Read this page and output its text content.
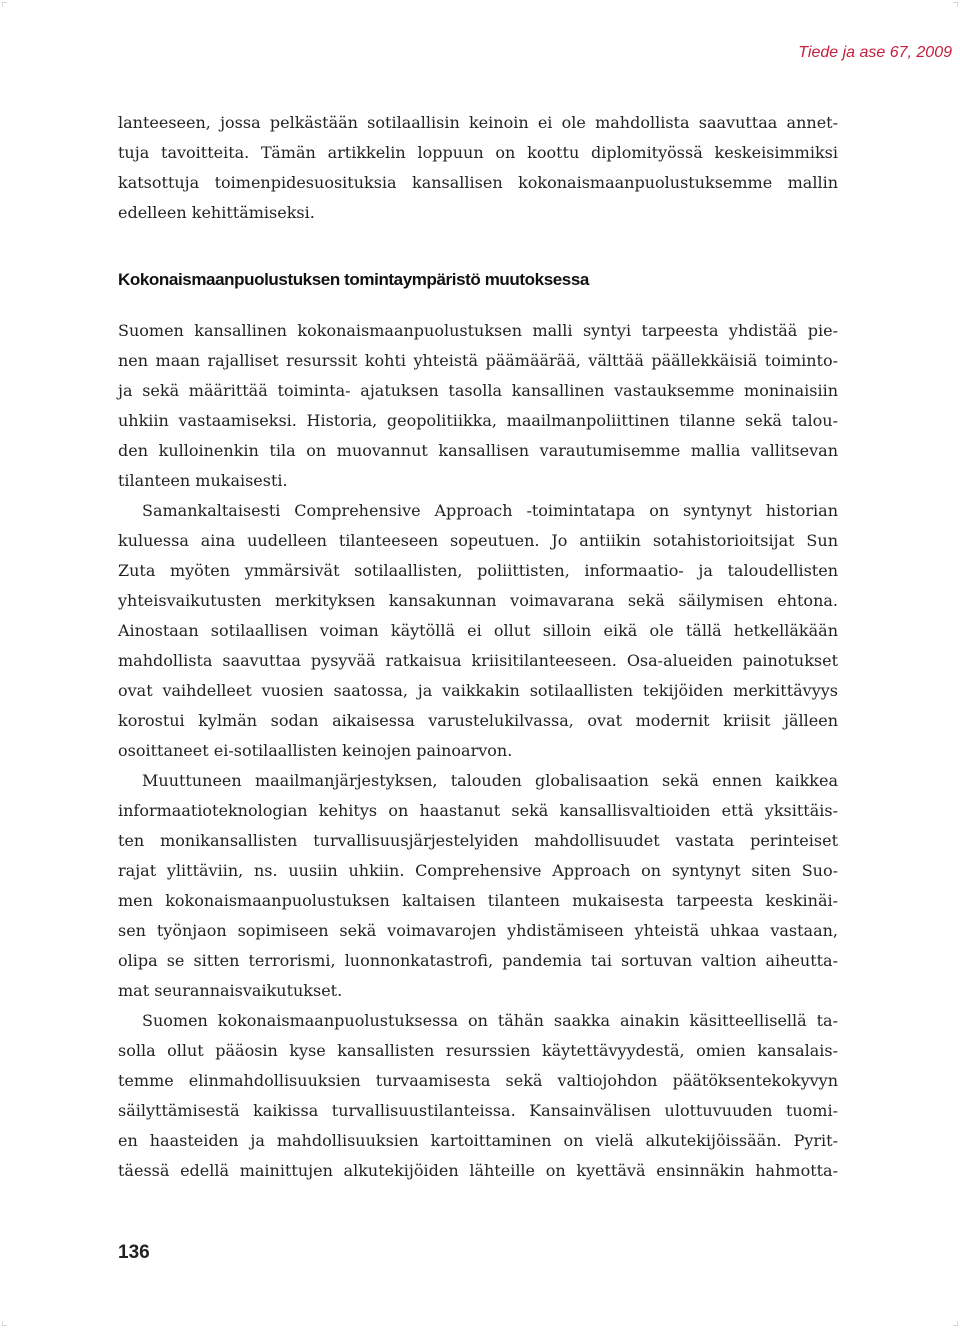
Tiede ja ase 67, 2009
lanteeseen, jossa pelkästään sotilaallisin keinoin ei ole mahdollista saavuttaa annet-
tuja tavoitteita. Tämän artikkelin loppuun on koottu diplomityössä keskeisimmiksi
katsottuja toimenpidesuosituksia kansallisen kokonaismaanpuolustuksemme mallin
edelleen kehittämiseksi.
Kokonaismaanpuolustuksen tomintaympäristö muutoksessa
Suomen kansallinen kokonaismaanpuolustuksen malli syntyi tarpeesta yhdistää pie-
nen maan rajalliset resurssit kohti yhteistä päämäärää, välttää päällekkäisiä toiminto-
ja sekä määrittää toiminta- ajatuksen tasolla kansallinen vastauksemme moninaisiin
uhkiin vastaamiseksi. Historia, geopolitiikka, maailmanpoliittinen tilanne sekä talou-
den kulloinenkin tila on muovannut kansallisen varautumisemme mallia vallitsevan
tilanteen mukaisesti.
Samankaltaisesti Comprehensive Approach -toimintatapa on syntynyt historian
kuluessa aina uudelleen tilanteeseen sopeutuen. Jo antiikin sotahistorioitsijat Sun
Zuta myöten ymmärsivät sotilaallisten, poliittisten, informaatio- ja taloudellisten
yhteisvaikutusten merkityksen kansakunnan voimavarana sekä säilymisen ehtona.
Ainostaan sotilaallisen voiman käytöllä ei ollut silloin eikä ole tällä hetkelläkään
mahdollista saavuttaa pysyvää ratkaisua kriisitilanteeseen. Osa-alueiden painotukset
ovat vaihdelleet vuosien saatossa, ja vaikkakin sotilaallisten tekijöiden merkittävyys
korostui kylmän sodan aikaisessa varustelukilvassa, ovat modernit kriisit jälleen
osoittaneet ei-sotilaallisten keinojen painoarvon.
Muuttuneen maailmanjärjestyksen, talouden globalisaation sekä ennen kaikkea
informaatioteknologian kehitys on haastanut sekä kansallisvaltioiden että yksittäis-
ten monikansallisten turvallisuusjärjestelyiden mahdollisuudet vastata perinteiset
rajat ylittäviin, ns. uusiin uhkiin. Comprehensive Approach on syntynyt siten Suo-
men kokonaismaanpuolustuksen kaltaisen tilanteen mukaisesta tarpeesta keskinäi-
sen työnjaon sopimiseen sekä voimavarojen yhdistämiseen yhteistä uhkaa vastaan,
olipa se sitten terrorismi, luonnonkatastrofi, pandemia tai sortuvan valtion aiheutta-
mat seurannaisvaikutukset.
Suomen kokonaismaanpuolustuksessa on tähän saakka ainakin käsitteellisellä ta-
solla ollut pääosin kyse kansallisten resurssien käytettävyydestä, omien kansalais-
temme elinmahdollisuuksien turvaamisesta sekä valtiojohdon päätöksentekokyvyn
säilyttämisestä kaikissa turvallisuustilanteissa. Kansainvälisen ulottuvuuden tuomi-
en haasteiden ja mahdollisuuksien kartoittaminen on vielä alkutekijöissään. Pyrit-
täessä edellä mainittujen alkutekijöiden lähteille on kyettävä ensinnäkin hahmotta-
136
